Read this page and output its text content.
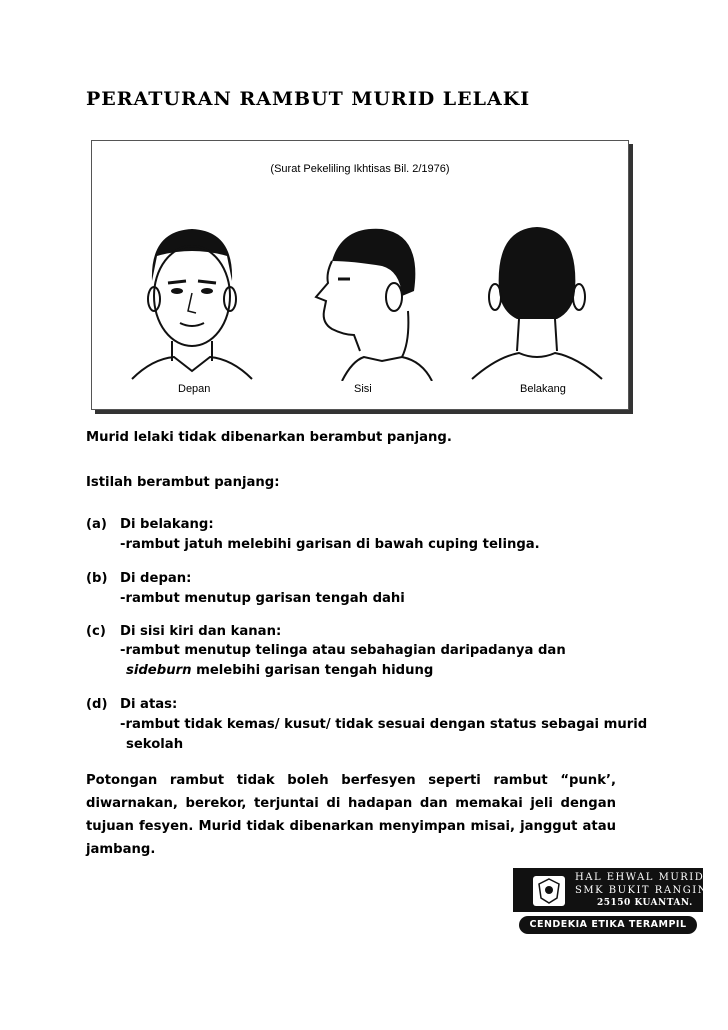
PERATURAN RAMBUT MURID LELAKI
(Surat Pekeliling Ikhtisas Bil. 2/1976)
Depan	Sisi	Belakang
Murid lelaki tidak dibenarkan berambut panjang.
Istilah berambut panjang:
(a) Di belakang:
-rambut jatuh melebihi garisan di bawah cuping telinga.
(b) Di depan:
-rambut menutup garisan tengah dahi
(c) Di sisi kiri dan kanan:
-rambut menutup telinga atau sebahagian daripadanya dan
sideburn melebihi garisan tengah hidung
(d) Di atas:
-rambut tidak kemas/ kusut/ tidak sesuai dengan status sebagai murid
sekolah
Potongan rambut tidak boleh berfesyen seperti rambut “punk’, diwarnakan, berekor, terjuntai di hadapan dan memakai jeli dengan tujuan fesyen. Murid tidak dibenarkan menyimpan misai, janggut atau jambang.
HAL EHWAL MURID
SMK BUKIT RANGIN,
25150 KUANTAN.
CENDEKIA ETIKA TERAMPIL
